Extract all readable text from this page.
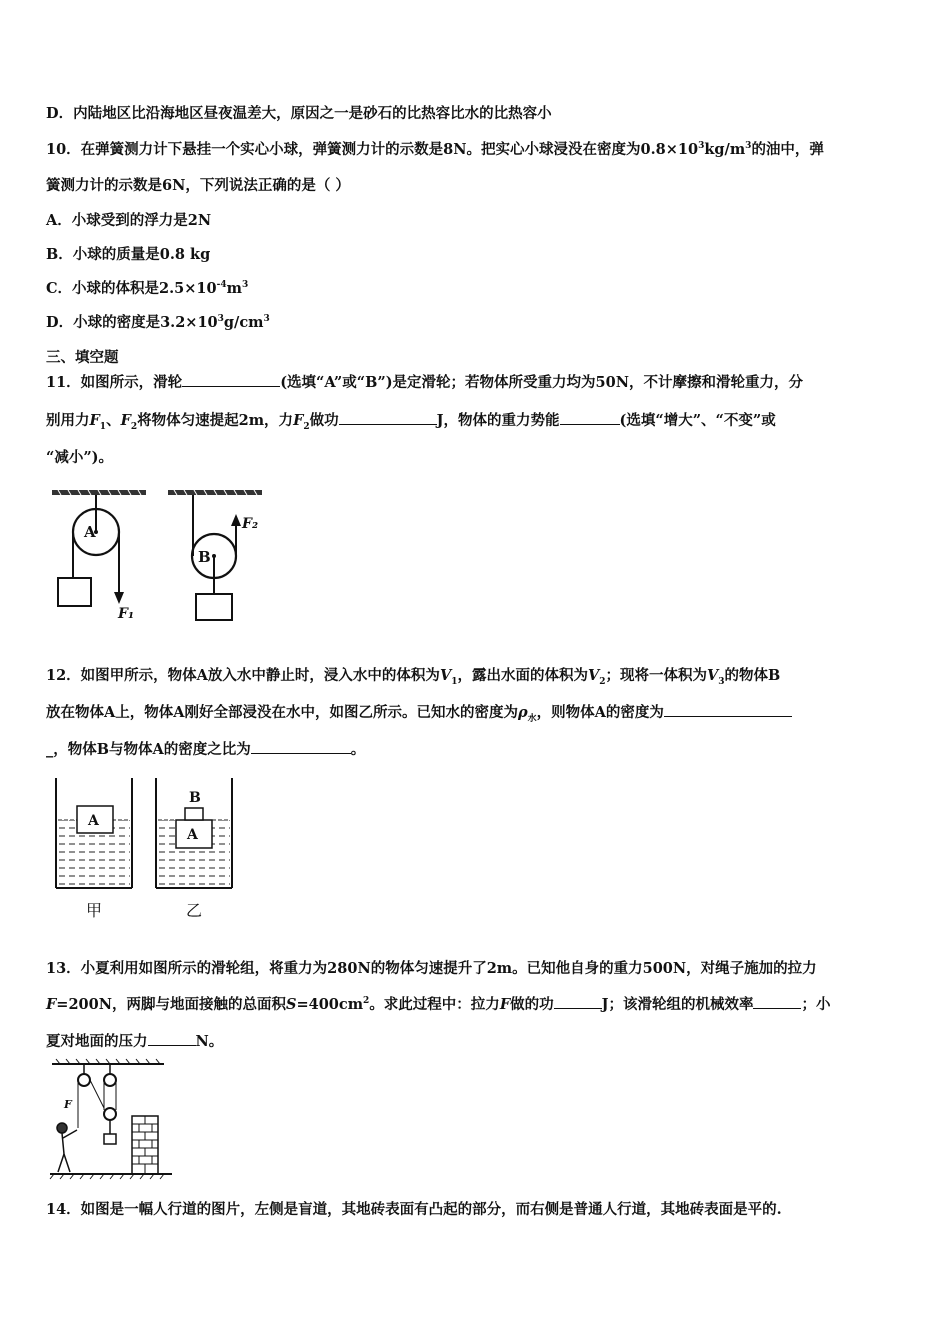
D．内陆地区比沿海地区昼夜温差大，原因之一是砂石的比热容比水的比热容小
10．在弹簧测力计下悬挂一个实心小球，弹簧测力计的示数是8N。把实心小球浸没在密度为$0.8\times 10^3kg/m^3$的油中，弹
簧测力计的示数是6N，下列说法正确的是（ ）
A．小球受到的浮力是2N
B．小球的质量是0.8 kg
C．小球的体积是$2.5\times 10^{-4}m^3$
D．小球的密度是$3.2\times 10^3g/cm^3$
三、填空题
11．如图所示，滑轮	(选填“A”或“B”)是定滑轮；若物体所受重力均为50N，不计摩擦和滑轮重力，分
别用力$F_1$、$F_2$将物体匀速提起2m，力$F_2$做功	J，物体的重力势能	(选填“增大”、“不变”或
“减小”)。
A
F₁
F₂
B
12．如图甲所示，物体A放入水中静止时，浸入水中的体积为$V_1$，露出水面的体积为$V_2$；现将一体积为$V_3$的物体B
放在物体A上，物体A刚好全部浸没在水中，如图乙所示。已知水的密度为$\rho_水$，则物体A的密度为
_，物体B与物体A的密度之比为	。
A
甲
A
B
乙
13．小夏利用如图所示的滑轮组，将重力为280N的物体匀速提升了2m。已知他自身的重力500N，对绳子施加的拉力
F=200N，两脚与地面接触的总面积$S=400cm^2$。求此过程中：拉力F做的功	J；该滑轮组的机械效率	；小
夏对地面的压力	N。
F
14．如图是一幅人行道的图片，左侧是盲道，其地砖表面有凸起的部分，而右侧是普通人行道，其地砖表面是平的.
